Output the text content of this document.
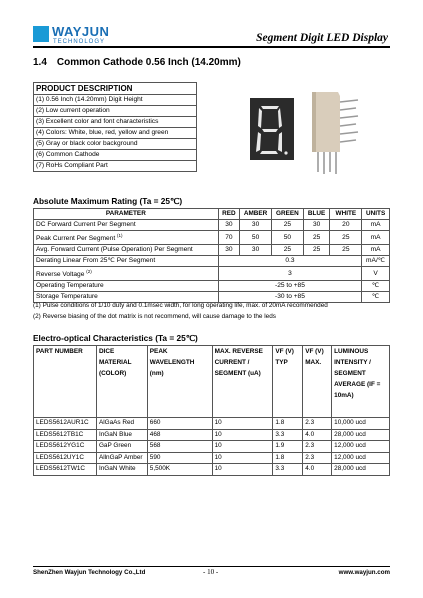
WAYJUN
TECHNOLOGY	Segment Digit LED Display
1.4 Common Cathode 0.56 Inch (14.20mm)
PRODUCT DESCRIPTION
(1) 0.56 Inch (14.20mm) Digit Height
(2) Low current operation
(3) Excellent color and font characteristics
(4) Colors: White, blue, red, yellow and green
(5) Gray or black color background
(6) Common Cathode
(7) RoHs Compliant Part
Absolute Maximum Rating (Ta = 25℃)
PARAMETER	RED	AMBER	GREEN	BLUE	WHITE	UNITS
DC Forward Current Per Segment	30	30	25	30	20	mA
Peak Current Per Segment $^{(1)}$	70	50	50	25	25	mA
Avg. Forward Current (Pulse Operation) Per Segment	30	30	25	25	25	mA
Derating Linear From 25℃ Per Segment	0.3					mA/℃
Reverse Voltage $^{(2)}$	3					V
Operating Temperature	-25 to +85					℃
Storage Temperature	-30 to +85					℃
(1) Pulse conditions of 1/10 duty and 0.1msec width, for long operating life, max. of 20mA recommended
(2) Reverse biasing of the dot matrix is not recommend, will cause damage to the leds
Electro-optical Characteristics (Ta = 25℃)
PART NUMBER	DICE MATERIAL (COLOR)	PEAK WAVELENGTH (nm)	MAX. REVERSE CURRENT / SEGMENT (uA)	VF (V) TYP	VF (V) MAX.	LUMINOUS INTENSITY / SEGMENT AVERAGE (IF = 10mA)
LEDS5612AUR1C	AlGaAs Red	660	10	1.8	2.3	10,000 ucd
LEDS5612TB1C	InGaN Blue	468	10	3.3	4.0	28,000 ucd
LEDS5612YG1C	GaP Green	568	10	1.9	2.3	12,000 ucd
LEDS5612UY1C	AllnGaP Amber	590	10	1.8	2.3	12,000 ucd
LEDS5612TW1C	InGaN White	5,500K	10	3.3	4.0	28,000 ucd
ShenZhen Wayjun Technology Co.,Ltd	- 10 -	www.wayjun.com
